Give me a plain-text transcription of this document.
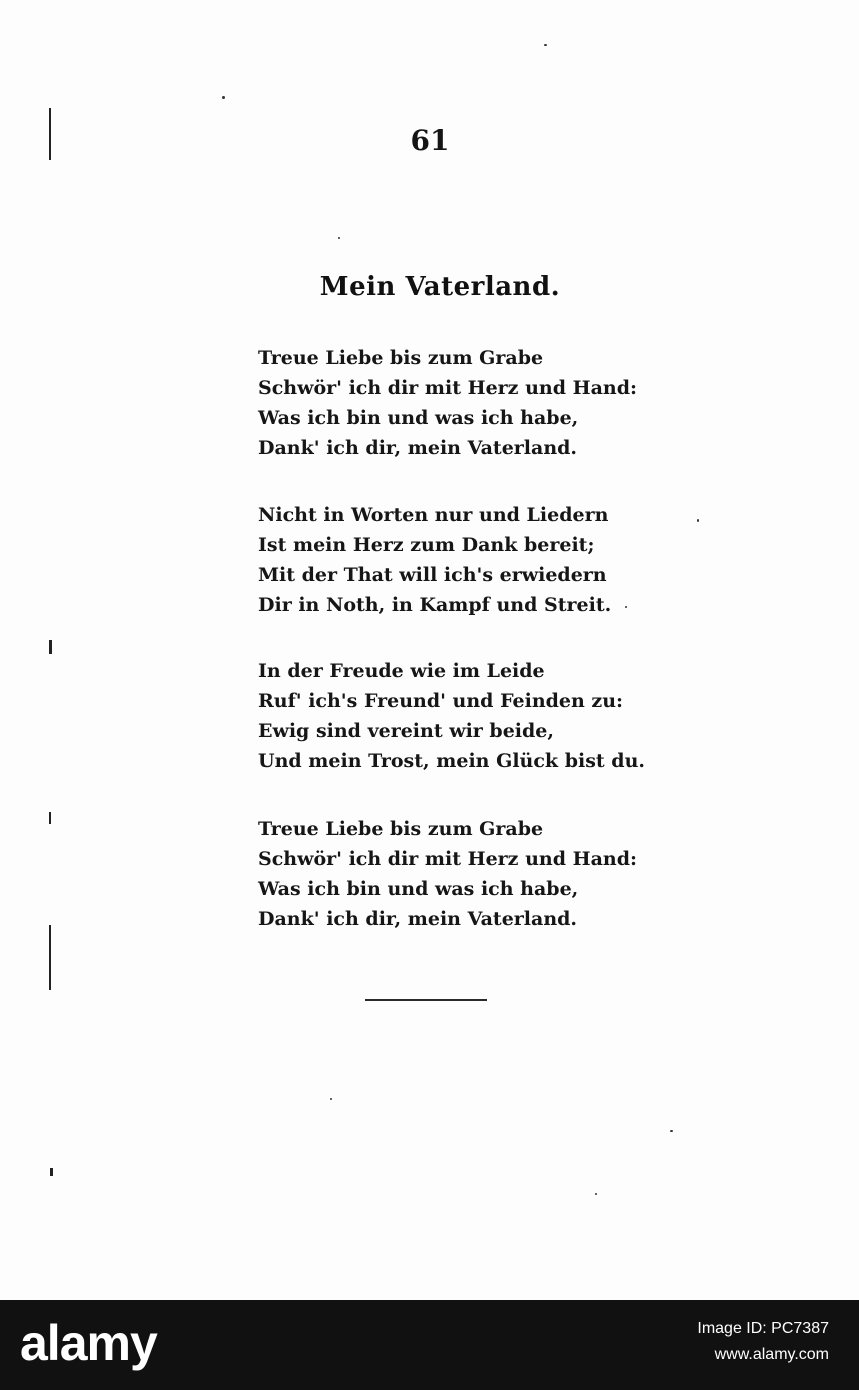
61
Mein Vaterland.
Treue Liebe bis zum Grabe
Schwör' ich dir mit Herz und Hand:
Was ich bin und was ich habe,
Dank' ich dir, mein Vaterland.
Nicht in Worten nur und Liedern
Ist mein Herz zum Dank bereit;
Mit der That will ich's erwiedern
Dir in Noth, in Kampf und Streit.
In der Freude wie im Leide
Ruf' ich's Freund' und Feinden zu:
Ewig sind vereint wir beide,
Und mein Trost, mein Glück bist du.
Treue Liebe bis zum Grabe
Schwör' ich dir mit Herz und Hand:
Was ich bin und was ich habe,
Dank' ich dir, mein Vaterland.
alamy	Image ID: PC7387
www.alamy.com
